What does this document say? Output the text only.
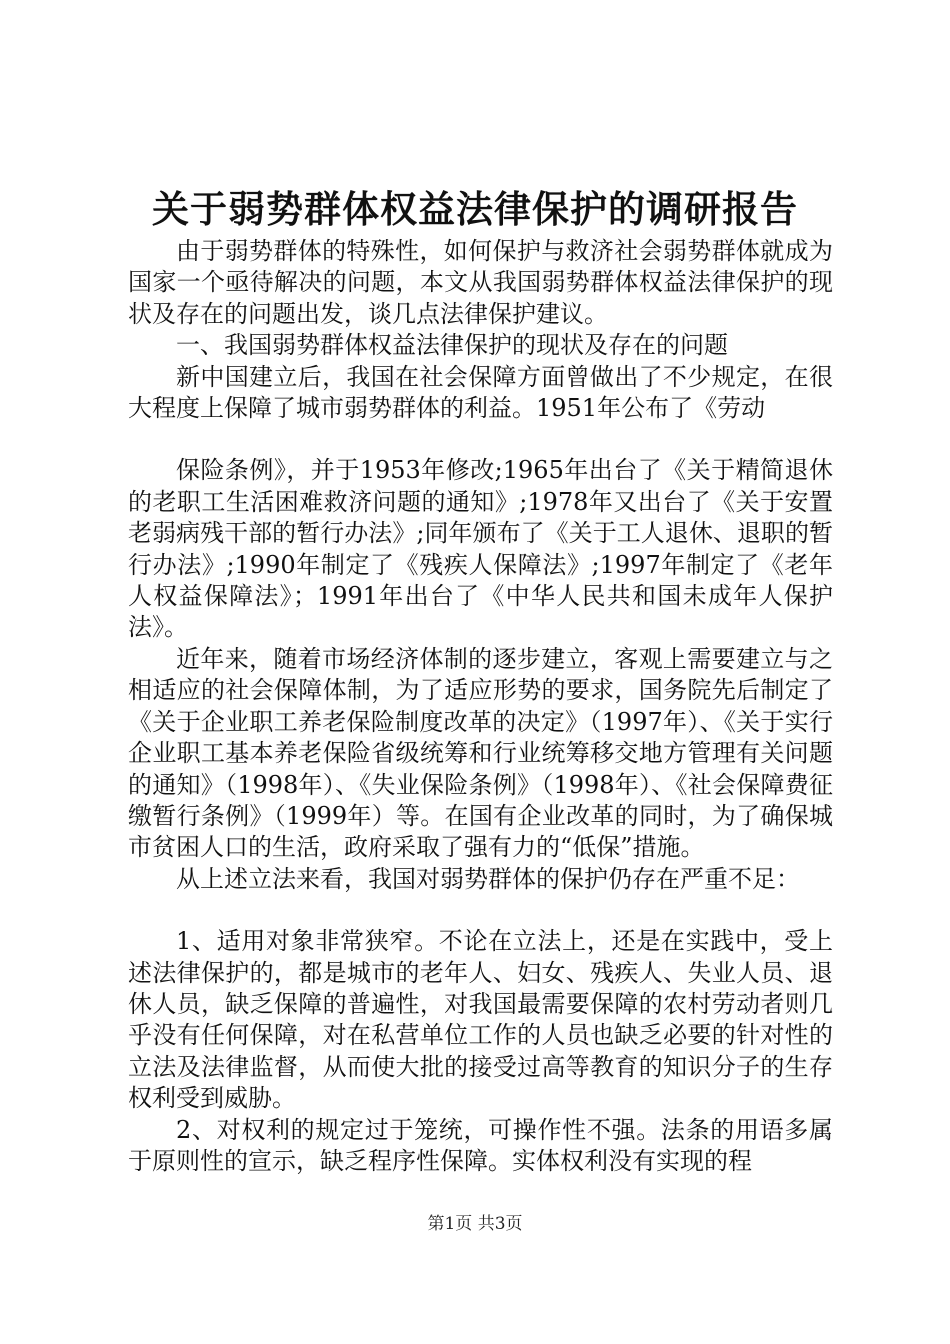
关于弱势群体权益法律保护的调研报告

由于弱势群体的特殊性，如何保护与救济社会弱势群体就成为国家一个亟待解决的问题，本文从我国弱势群体权益法律保护的现状及存在的问题出发，谈几点法律保护建议。

一、我国弱势群体权益法律保护的现状及存在的问题

新中国建立后，我国在社会保障方面曾做出了不少规定，在很大程度上保障了城市弱势群体的利益。1951年公布了《劳动

保险条例》，并于1953年修改;1965年出台了《关于精简退休的老职工生活困难救济问题的通知》;1978年又出台了《关于安置老弱病残干部的暂行办法》;同年颁布了《关于工人退休、退职的暂行办法》;1990年制定了《残疾人保障法》;1997年制定了《老年人权益保障法》；1991年出台了《中华人民共和国未成年人保护法》。

近年来，随着市场经济体制的逐步建立，客观上需要建立与之相适应的社会保障体制，为了适应形势的要求，国务院先后制定了《关于企业职工养老保险制度改革的决定》（1997年）、《关于实行企业职工基本养老保险省级统筹和行业统筹移交地方管理有关问题的通知》（1998年）、《失业保险条例》（1998年）、《社会保障费征缴暂行条例》（1999年）等。在国有企业改革的同时，为了确保城市贫困人口的生活，政府采取了强有力的“低保”措施。

从上述立法来看，我国对弱势群体的保护仍存在严重不足：

1、适用对象非常狭窄。不论在立法上，还是在实践中，受上述法律保护的，都是城市的老年人、妇女、残疾人、失业人员、退休人员，缺乏保障的普遍性，对我国最需要保障的农村劳动者则几乎没有任何保障，对在私营单位工作的人员也缺乏必要的针对性的立法及法律监督，从而使大批的接受过高等教育的知识分子的生存权利受到威胁。

2、对权利的规定过于笼统，可操作性不强。法条的用语多属于原则性的宣示，缺乏程序性保障。实体权利没有实现的程

第1页 共3页
